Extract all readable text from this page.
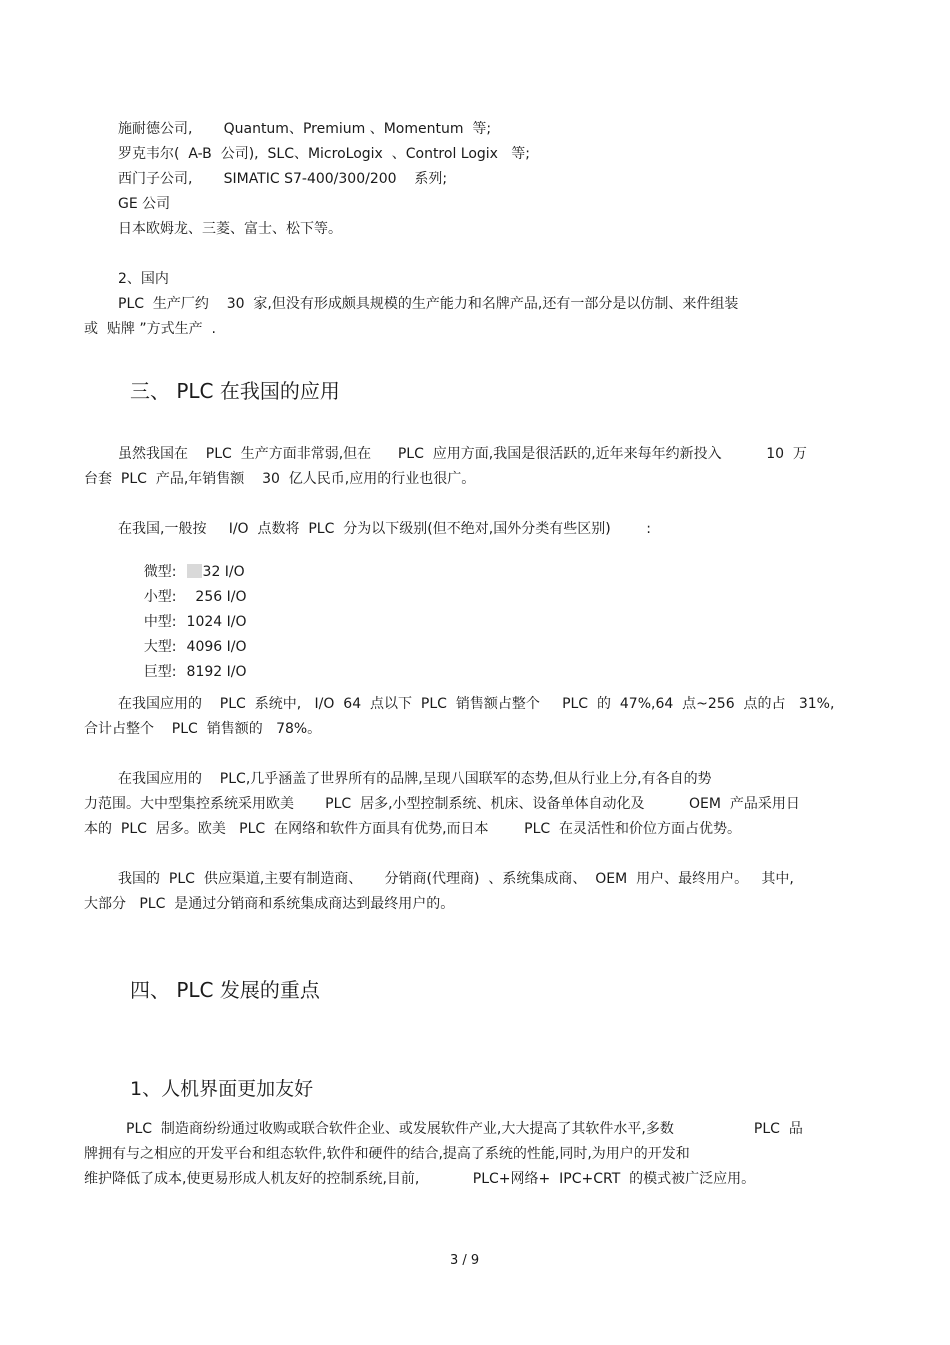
施耐德公司,       Quantum、Premium 、Momentum  等;
罗克韦尔(  A-B  公司),  SLC、MicroLogix  、Control Logix   等;
西门子公司,       SIMATIC S7-400/300/200    系列;
GE 公司
日本欧姆龙、三菱、富士、松下等。
2、国内
PLC  生产厂约    30  家,但没有形成颇具规模的生产能力和名牌产品,还有一部分是以仿制、来件组装
或  贴牌 ”方式生产  .
三、 PLC 在我国的应用
虽然我国在    PLC  生产方面非常弱,但在      PLC  应用方面,我国是很活跃的,近年来每年约新投入          10  万
台套  PLC  产品,年销售额    30  亿人民币,应用的行业也很广。
在我国,一般按     I/O  点数将  PLC  分为以下级别(但不绝对,国外分类有些区别)        :

微型: 32 I/O

小型:  256 I/O

中型: 1024 I/O

大型: 4096 I/O

巨型: 8192 I/O

在我国应用的    PLC  系统中,   I/O  64  点以下  PLC  销售额占整个     PLC  的  47%,64  点~256  点的占   31%,
合计占整个    PLC  销售额的   78%。
在我国应用的    PLC,几乎涵盖了世界所有的品牌,呈现八国联军的态势,但从行业上分,有各自的势
力范围。大中型集控系统采用欧美       PLC  居多,小型控制系统、机床、设备单体自动化及          OEM  产品采用日
本的  PLC  居多。欧美   PLC  在网络和软件方面具有优势,而日本        PLC  在灵活性和价位方面占优势。
我国的  PLC  供应渠道,主要有制造商、     分销商(代理商)  、系统集成商、  OEM  用户、最终用户。   其中,
大部分   PLC  是通过分销商和系统集成商达到最终用户的。
四、 PLC 发展的重点
1、人机界面更加友好
PLC  制造商纷纷通过收购或联合软件企业、或发展软件产业,大大提高了其软件水平,多数                  PLC  品
牌拥有与之相应的开发平台和组态软件,软件和硬件的结合,提高了系统的性能,同时,为用户的开发和
维护降低了成本,使更易形成人机友好的控制系统,目前,            PLC+网络+  IPC+CRT  的模式被广泛应用。
3 / 9
